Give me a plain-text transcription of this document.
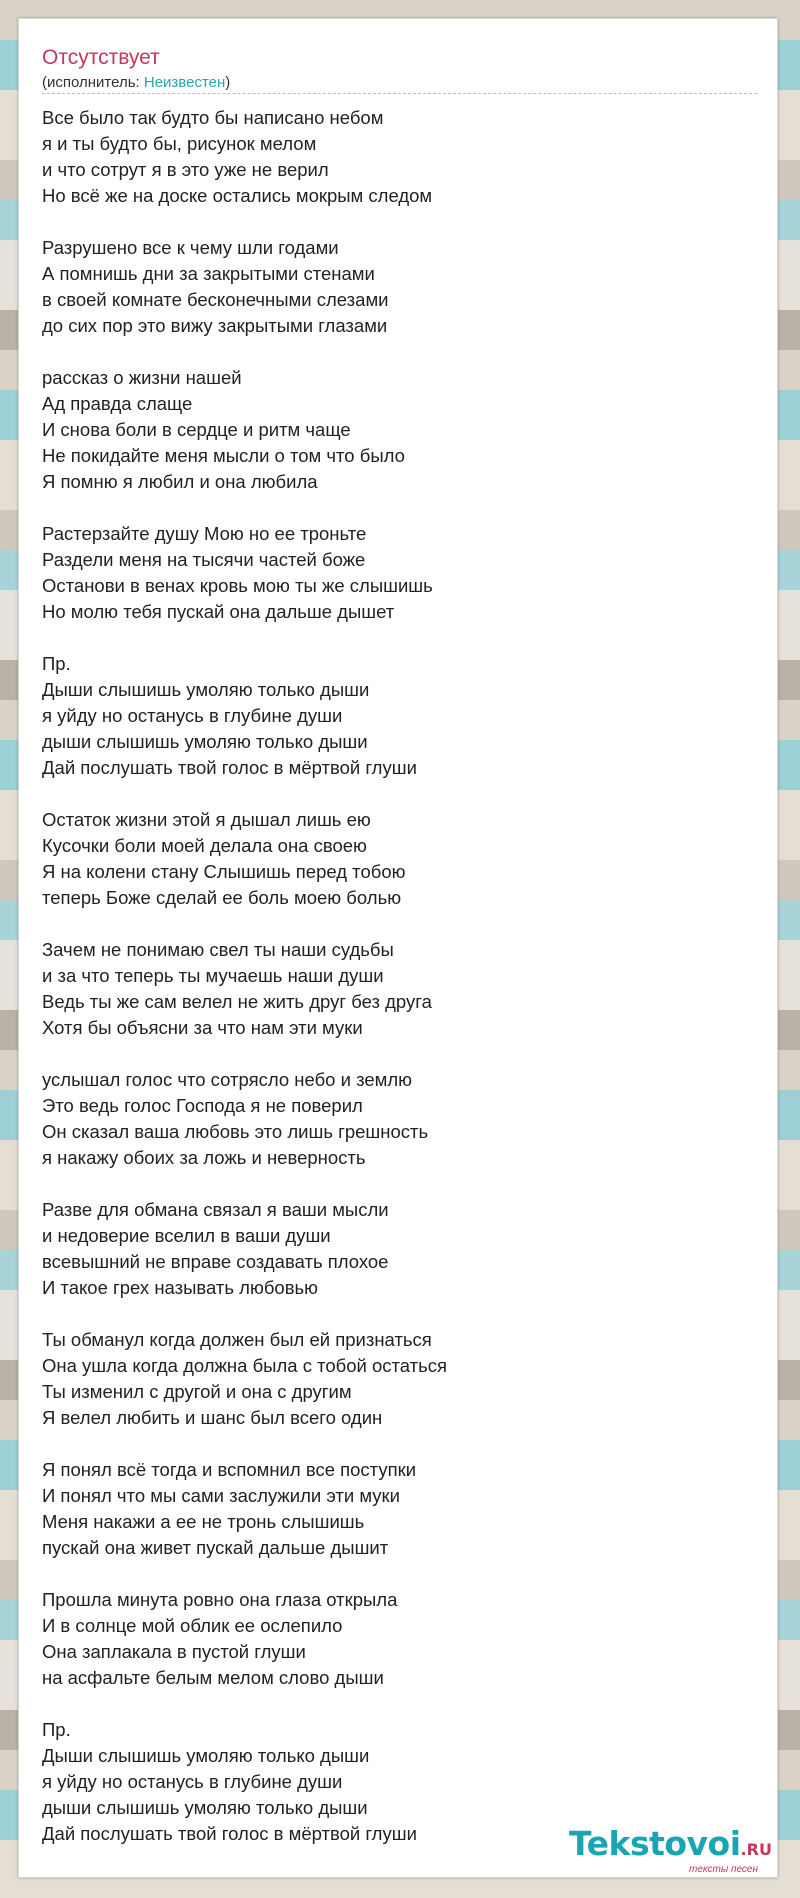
Отсутствует
(исполнитель: Неизвестен)
Все было так будто бы написано небом
я и ты будто бы, рисунок мелом
и что сотрут я в это уже не верил
Но всё же на доске остались мокрым следом
Разрушено все к чему шли годами
А помнишь дни за закрытыми стенами
в своей комнате бесконечными слезами
до сих пор это вижу закрытыми глазами
рассказ о жизни нашей
Ад правда слаще
И снова боли в сердце и ритм чаще
Не покидайте меня мысли о том что было
Я помню я любил и она любила
Растерзайте душу Мою но ее троньте
Раздели меня на тысячи частей боже
Останови в венах кровь мою ты же слышишь
Но молю тебя пускай она дальше дышет
Пр.
Дыши слышишь умоляю только дыши
я уйду но останусь в глубине души
дыши слышишь умоляю только дыши
Дай послушать твой голос в мёртвой глуши
Остаток жизни этой я дышал лишь ею
Кусочки боли моей делала она своею
Я на колени стану Слышишь перед тобою
теперь Боже сделай ее боль моею болью
Зачем не понимаю свел ты наши судьбы
и за что теперь ты мучаешь наши души
Ведь ты же сам велел не жить друг без друга
Хотя бы объясни за что нам эти муки
услышал голос что сотрясло небо и землю
Это ведь голос Господа я не поверил
Он сказал ваша любовь это лишь грешность
я накажу обоих за ложь и неверность
Разве для обмана связал я ваши мысли
и недоверие вселил в ваши души
всевышний не вправе создавать плохое
И такое грех называть любовью
Ты обманул когда должен был ей признаться
Она ушла когда должна была с тобой остаться
Ты изменил с другой и она с другим
Я велел любить и шанс был всего один
Я понял всё тогда и вспомнил все поступки
И понял что мы сами заслужили эти муки
Меня накажи а ее не тронь слышишь
пускай она живет пускай дальше дышит
Прошла минута ровно она глаза открыла
И в солнце мой облик ее ослепило
Она заплакала в пустой глуши
на асфальте белым мелом слово дыши
Пр.
Дыши слышишь умоляю только дыши
я уйду но останусь в глубине души
дыши слышишь умоляю только дыши
Дай послушать твой голос в мёртвой глуши	Tekstovoi.RU
тексты песен
